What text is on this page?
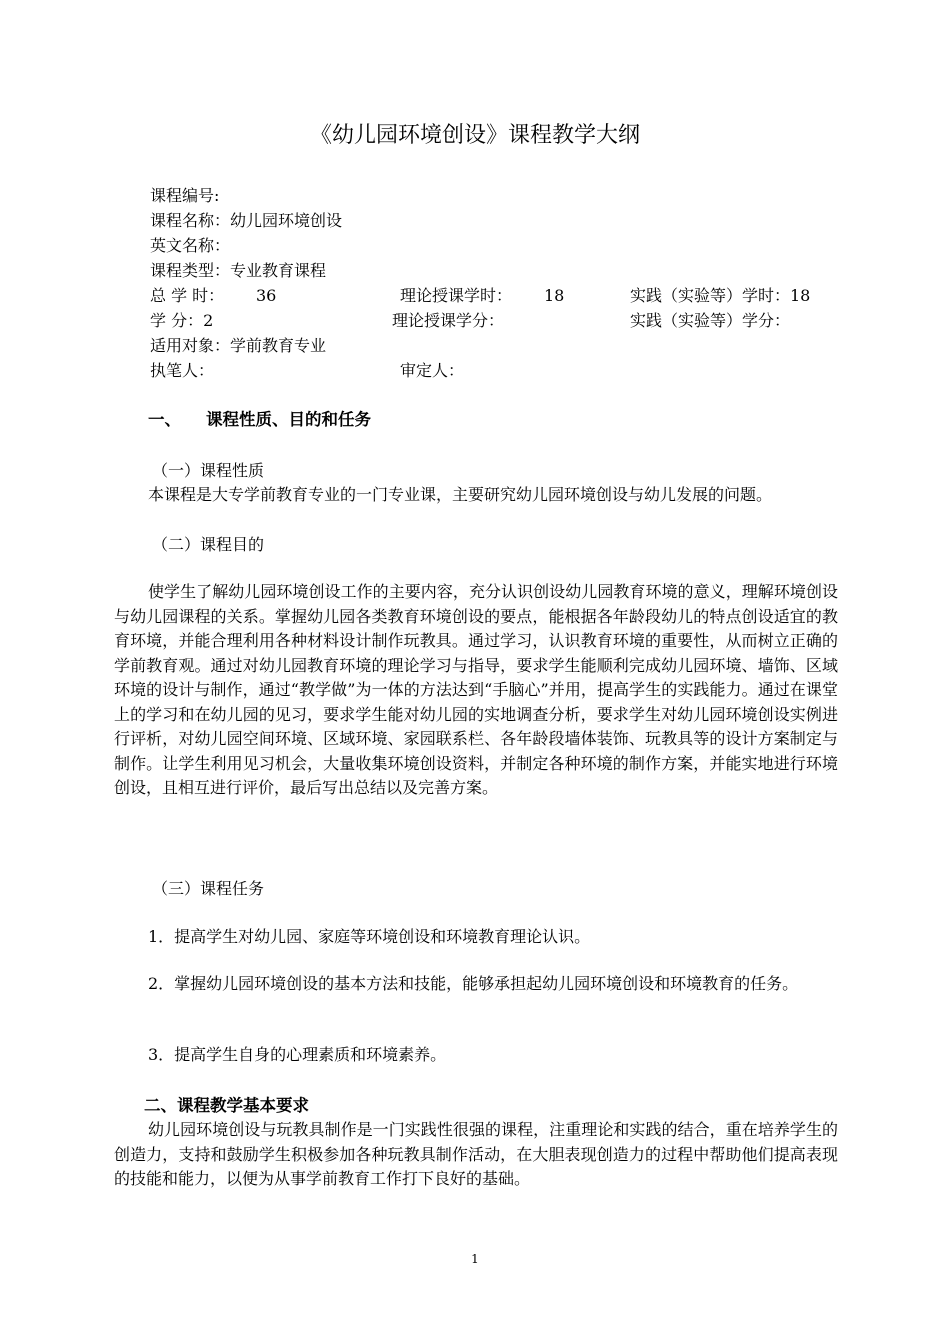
《幼儿园环境创设》课程教学大纲
课程编号:
课程名称：幼儿园环境创设
英文名称：
课程类型：专业教育课程
总 学 时： 36	理论授课学时： 18	实践（实验等）学时：18
学 分：2	理论授课学分：	实践（实验等）学分：
适用对象：学前教育专业
执笔人：	审定人：
一、 课程性质、目的和任务
（一）课程性质
本课程是大专学前教育专业的一门专业课，主要研究幼儿园环境创设与幼儿发展的问题。
（二）课程目的
使学生了解幼儿园环境创设工作的主要内容，充分认识创设幼儿园教育环境的意义，理解环境创设与幼儿园课程的关系。掌握幼儿园各类教育环境创设的要点，能根据各年龄段幼儿的特点创设适宜的教育环境，并能合理利用各种材料设计制作玩教具。通过学习，认识教育环境的重要性，从而树立正确的学前教育观。通过对幼儿园教育环境的理论学习与指导，要求学生能顺利完成幼儿园环境、墙饰、区域环境的设计与制作，通过“教学做”为一体的方法达到“手脑心”并用，提高学生的实践能力。通过在课堂上的学习和在幼儿园的见习，要求学生能对幼儿园的实地调查分析，要求学生对幼儿园环境创设实例进行评析，对幼儿园空间环境、区域环境、家园联系栏、各年龄段墙体装饰、玩教具等的设计方案制定与制作。让学生利用见习机会，大量收集环境创设资料，并制定各种环境的制作方案，并能实地进行环境创设，且相互进行评价，最后写出总结以及完善方案。
（三）课程任务
1．提高学生对幼儿园、家庭等环境创设和环境教育理论认识。
2．掌握幼儿园环境创设的基本方法和技能，能够承担起幼儿园环境创设和环境教育的任务。
3．提高学生自身的心理素质和环境素养。
二、课程教学基本要求
幼儿园环境创设与玩教具制作是一门实践性很强的课程，注重理论和实践的结合，重在培养学生的创造力，支持和鼓励学生积极参加各种玩教具制作活动，在大胆表现创造力的过程中帮助他们提高表现的技能和能力，以便为从事学前教育工作打下良好的基础。
1
